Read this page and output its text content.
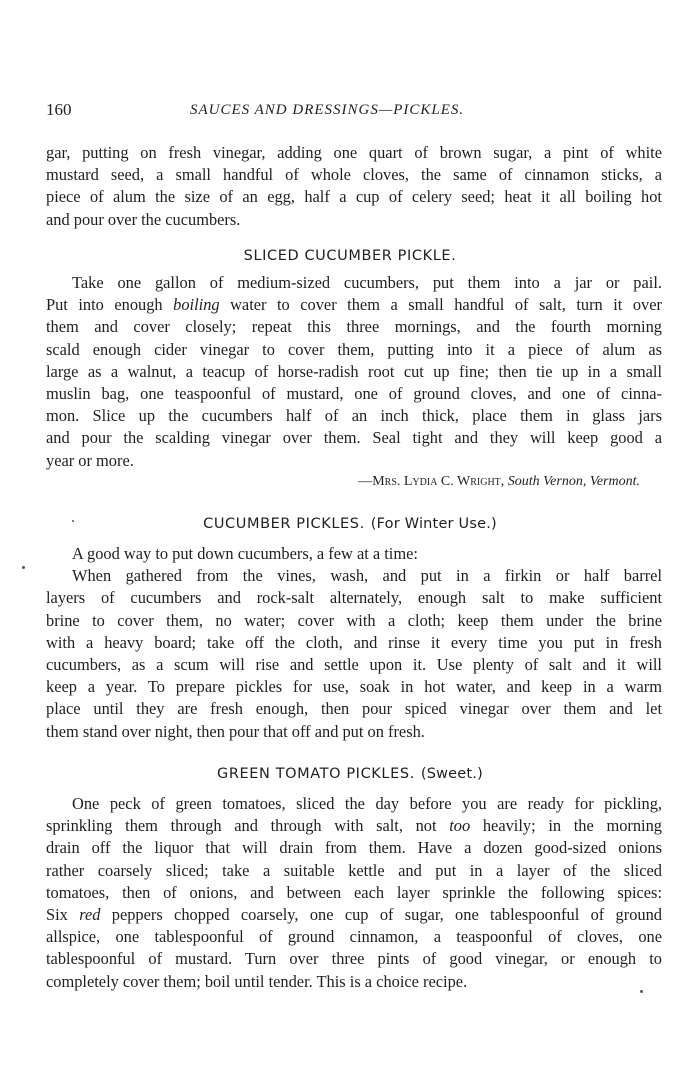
160	SAUCES AND DRESSINGS—PICKLES.
gar, putting on fresh vinegar, adding one quart of brown sugar, a pint of white
mustard seed, a small handful of whole cloves, the same of cinnamon sticks, a
piece of alum the size of an egg, half a cup of celery seed; heat it all boiling hot
and pour over the cucumbers.
SLICED CUCUMBER PICKLE.
Take one gallon of medium-sized cucumbers, put them into a jar or pail.
Put into enough boiling water to cover them a small handful of salt, turn it over
them and cover closely; repeat this three mornings, and the fourth morning
scald enough cider vinegar to cover them, putting into it a piece of alum as
large as a walnut, a teacup of horse-radish root cut up fine; then tie up in a small
muslin bag, one teaspoonful of mustard, one of ground cloves, and one of cinna-
mon. Slice up the cucumbers half of an inch thick, place them in glass jars
and pour the scalding vinegar over them. Seal tight and they will keep good a
year or more.
—Mrs. Lydia C. Wright, South Vernon, Vermont.
CUCUMBER PICKLES. (For Winter Use.)
A good way to put down cucumbers, a few at a time:
When gathered from the vines, wash, and put in a firkin or half barrel
layers of cucumbers and rock-salt alternately, enough salt to make sufficient
brine to cover them, no water; cover with a cloth; keep them under the brine
with a heavy board; take off the cloth, and rinse it every time you put in fresh
cucumbers, as a scum will rise and settle upon it. Use plenty of salt and it will
keep a year. To prepare pickles for use, soak in hot water, and keep in a warm
place until they are fresh enough, then pour spiced vinegar over them and let
them stand over night, then pour that off and put on fresh.
GREEN TOMATO PICKLES. (Sweet.)
One peck of green tomatoes, sliced the day before you are ready for pickling,
sprinkling them through and through with salt, not too heavily; in the morning
drain off the liquor that will drain from them. Have a dozen good-sized onions
rather coarsely sliced; take a suitable kettle and put in a layer of the sliced
tomatoes, then of onions, and between each layer sprinkle the following spices:
Six red peppers chopped coarsely, one cup of sugar, one tablespoonful of ground
allspice, one tablespoonful of ground cinnamon, a teaspoonful of cloves, one
tablespoonful of mustard. Turn over three pints of good vinegar, or enough to
completely cover them; boil until tender. This is a choice recipe.
